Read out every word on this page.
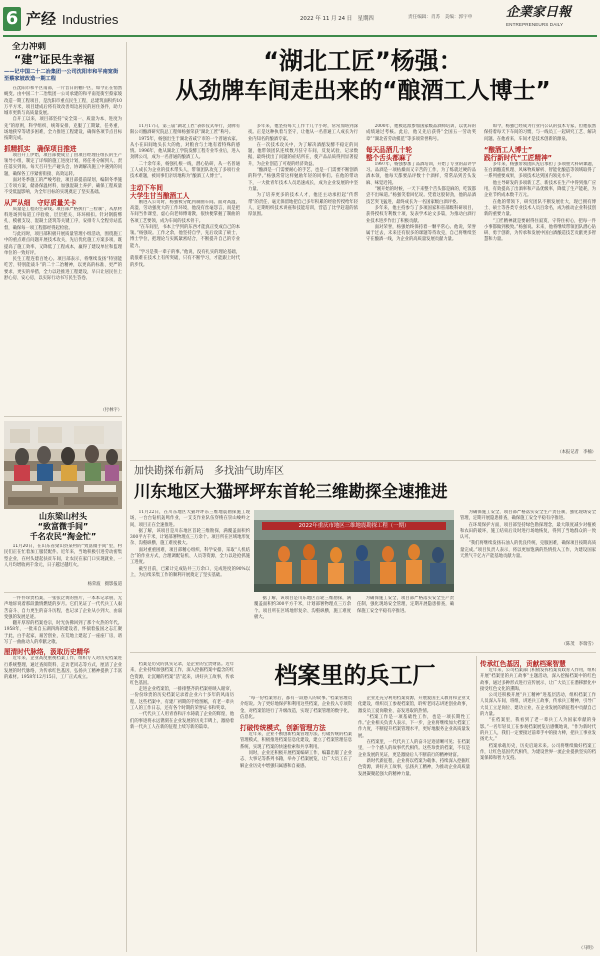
6 产经 Industries	2022 年 11 月 24 日　星期四	责任编辑：肖苏　美编：郭宇申	企業家日報
ENTREPRENEURS DAILY
全力冲刺
“建”证民生幸福
——记中国二十二冶集团一公司沈阳市和平南宽街至蔡家坡改造一期工程

在沈阳市和平区南部，一片昔日的棚户区，如今正在悄然蜕变。由中国二十二冶集团一公司承建的和平南宽街至蔡家坡改造一期工程项目，是沈阳市重点民生工程，总建筑面积约10万平方米，项目建成后将有效改善周边居民的居住条件，助力城市更新与高质量发展。

自开工以来，项目部坚持“安全第一、质量为本、进度为先”的原则，科学组织、统筹安排，克服了工期紧、任务重、场地狭窄等诸多困难，全力推进工程建设，确保各项节点目标按期完成。

抓精抓实　确保项目推进

项目开工伊始，项目部便成立了由项目经理任组长的生产领导小组，制定了详细的施工进度计划，将任务分解到人、责任落实到岗。每天召开生产碰头会，协调解决施工中遇到的问题，确保各工序紧密衔接、高效运转。

面对冬季施工的严峻考验，项目部提前谋划，编制冬季施工专项方案，储备保温材料，加强混凝土养护，确保工程质量不受低温影响，为全年目标的实现奠定了坚实基础。

从严从细　守好质量关卡

质量是工程的生命线。项目部严格执行“三检制”，从原材料进场到每道工序验收，层层把关、环环相扣。针对钢筋绑扎、模板支设、混凝土浇筑等关键工序，安排专人全程旁站监督，确保每一项工程都经得起检验。

与此同时，项目部积极开展质量管理小组活动，围绕施工中的重点难点问题开展技术攻关，先后优化施工方案多项，既提高了施工效率，又降低了工程成本，赢得了建设单位和监理单位的一致好评。

民生工程连着百姓心。项目部表示，将继续发扬“特别能吃苦、特别能战斗”的二十二冶精神，以更高的标准、更严的要求、更实的举措，全力以赴推进工程建设，早日让居民住上舒心房、安心房，以实际行动书写民生答卷。

（付林宇）
山东梁山村头
“致富微手间”
千名农民“淘金忙”

11月20日，在山东省梁山县某村的“致富微手间”里，村民们正在忙着加工服装配件。近年来，当地积极引进劳动密集型企业，在村头建起扶贫车间，让农民在家门口实现就业，一人月均增收两千余元，日子越过越红火。

杨荣波　摄影报道

一件件珍贵档案，一张张泛黄的照片，一本本记录册，无声地诉说着那段激情燃烧的岁月。它们见证了一代代兵工人艰苦奋斗、自力更生的奋斗历程，也记录了企业从小到大、由弱变强的发展足迹。

翻开厚厚的档案卷宗，时光仿佛回到了那个火热的年代。1958年，一批来自五湖四海的建设者，怀揣着报国之志汇聚于此，白手起家，艰苦创业，在荒地上建起了一座座厂房，谱写了一曲曲动人的奉献之歌。

厘清时代脉络，汲取历史精华

近年来，企业高度重视档案工作，组织专人对历史档案进行系统整理，通过查阅资料、走访老同志等方式，厘清了企业发展的时代脉络，为传承红色基因、弘扬兵工精神提供了丰富的素材。1958年12月15日，工厂正式成立。

“湖北工匠”杨强：
从劲牌车间走出来的“酿酒工人博士”

11月17日，第三届“湖北工匠”表彰仪式举行，劲牌有限公司酿酒研究院总工程师杨强荣获“湖北工匠”称号。

1975年，杨强出生于湖北省咸宁市的一个普通农家。从小在田间地头长大的他，对粮食与土地有着特殊的感情。1996年，他从湖北工学院发酵工程专业毕业后，进入劲牌公司，成为一名普通的酿酒工人。

二十余年来，杨强扎根一线，潜心钻研，从一名普通工人成长为企业的技术带头人，带领团队攻克了多项行业技术难题，被同事们亲切地称为“酿酒工人博士”。

主动下车间
大学生甘当酿酒工人

刚进入公司时，杨强被分配到制曲车间。面对高温、高湿、劳动强度大的工作环境，他没有丝毫怨言，而是把车间当作课堂，虚心向老师傅请教，很快便掌握了制曲的各项工艺要领，成为车间的技术骨干。

“在车间里，书本上学到的东西才能真正变成自己的本领。”杨强说。工作之余，他坚持自学，先后攻读了硕士、博士学位，把理论与实践紧密结合，不断提升自己的专业能力。

“学习是我一辈子的事。”他说，没有扎实的理论基础，就很难在技术上有所突破，只有不断学习，才能跟上时代的步伐。

多年来，他坚持每天工作十几个小时，常常加班到深夜。正是这种执着与坚守，让他从一名普通工人成长为行业内知名的酿酒专家。

在一次技术攻关中，为了解决酒醅发酵不稳定的问题，他带领团队连续数月驻守车间，反复试验、记录数据，最终找出了问题的症结所在，使产品品质得到显著提升，为企业创造了可观的经济效益。

“酿酒是一门需要耐心的手艺，也是一门需要不断创新的科学。”杨强常常这样勉励年轻的同事们。在他的带动下，一大批青年技术人员迅速成长，成为企业发展的中坚力量。

为了培养更多的技术人才，他还主动承担起“传帮带”的责任，毫无保留地把自己多年积累的经验传授给年轻人，定期组织技术讲座和技能培训，营造了比学赶超的浓厚氛围。

2000年，他被选派参加国家级品酒师培训，以优异的成绩通过考核。此后，他又先后获得“全国五一劳动奖章”“湖北省劳动模范”等多项荣誉称号。

每天品酒几十轮
整个舌头都麻了

1997年，杨强参加了品酒培训，开始了专业的品评学习。品酒是一项枯燥而又辛苦的工作，为了练就过硬的品酒本领，他每天都要品评数十个酒样，常常品到舌头发麻、味觉迟钝。

“刚开始的时候，一天下来整个舌头都是麻的，吃饭都尝不出味道。”杨强笑着回忆说。凭着这股韧劲，他的品酒技艺突飞猛进，最终成长为一名国家级白酒评委。

多年来，他主持参与了多项国家和省部级科研项目，获得授权专利数十项，发表学术论文多篇，为推动白酒行业技术进步作出了积极贡献。

面对荣誉，杨强始终保持着一颗平常心。他说，荣誉属于过去，未来还有很多的课题等待攻克，自己将继续坚守在酿酒一线，为企业的高质量发展贡献力量。

如今，杨强已经成为行业内公认的技术专家，但他依然保持着每天下车间的习惯，与一线员工一起研究工艺、解决问题。在他看来，车间才是技术创新的源泉。

“酿酒工人博士”
践行新时代“工匠精神”

多年来，杨强带领团队先后承担了多项重大科研课题，在白酒酿造机理、风味物质解析、智能化酿造等领域取得了一系列重要成果，多项技术达到国内领先水平。

他主导研发的多项新工艺、新技术在生产中得到推广应用，有效提高了出酒率和产品优级率，降低了生产能耗，为企业节约成本数千万元。

在他的带领下，研究团队不断发展壮大，现已拥有博士、硕士等各类专业技术人员百余名，成为推动企业科技创新的重要力量。

“工匠精神就是要耐得住寂寞、守得住初心，把每一件小事都做到极致。”杨强说。未来，他将继续带领团队潜心钻研、勇于创新，为传承和发展中国白酒酿造技艺贡献更多智慧和力量。

（本报记者　李楠）
加快勘探布新局　多找油气助库区
川东地区大猫坪坪东首轮三维勘探全速推进

11月22日，在川东地区大猫坪坪东三维地震勘探施工现场，一台台钻机轰鸣作业，一支支作业队伍穿梭在崇山峻岭之间，项目正在全速推进。

据了解，该项目是川东地区首轮三维勘探，满覆盖面积约300平方千米，计划部署物理点三万余个。项目所在区域地形复杂、沟壑纵横，施工难度极大。

面对重重困难，项目部精心组织、科学安排，采取“人机结合”的作业方式，合理调配钻机、人员等资源，全力以赴抢抓施工进度。

截至目前，已累计完成钻井三万余口，完成进度的90%以上，为后续采集工作的顺利开展奠定了坚实基础。

2022年重庆市地区三维地震勘探工程（一期）

为确保施工安全，项目部严格落实安全生产责任制，强化现场安全管理，定期开展隐患排查，确保施工安全平稳有序推进。

在环境保护方面，项目部坚持绿色勘探理念，最大限度减少对植被和农田的破坏，施工结束后及时进行场地恢复，得到了当地群众的一致认可。

“我们将继续发扬石油人的优良传统，克服困难，确保项目按期高质量完成。”项目负责人表示，将以更加饱满的热情投入工作，为建设国家天然气千亿方产能基地贡献力量。

（陈茂　李瑞雪）

据了解，该项目是川东地区首轮三维勘探，满覆盖面积约300平方千米，计划部署物理点三万余个。项目所在区域地形复杂、沟壑纵横，施工难度极大。

为确保施工安全，项目部严格落实安全生产责任制，强化现场安全管理，定期开展隐患排查，确保施工安全平稳有序推进。

档案里的兵工厂

档案是历史的真实记录，是企业的宝贵财富。近年来，企业持续加强档案工作，深入挖掘档案中蕴含的红色资源，让沉睡的档案“活”起来，讲好兵工故事，传承红色基因。

走进企业档案馆，一排排整齐的档案柜映入眼帘，一份份珍贵的历史档案记录着企业六十多年的风雨历程。这些档案中，有建厂初期的手绘图纸，有老一辈兵工人的工作日志，还有各个时期的荣誉证书和奖章。

一代代兵工人用青春和汗水铸就了企业的辉煌，他们的事迹将永远镌刻在企业发展的历史丰碑上，激励着新一代兵工人在新的征程上续写新的篇章。

“每一份档案背后，都有一段感人的故事。”档案管理员介绍说。为了更好地保护和利用这些档案，企业投入专项资金，对档案馆进行了升级改造，实现了档案管理的数字化、信息化。

打破传统模式，创新管理方法

近年来，企业不断创新档案管理方法，打破传统的档案管理模式，积极推进档案信息化建设，建立了档案管理信息系统，实现了档案的快速检索和共享利用。

同时，企业还积极开展档案编研工作，编纂出版了企业志、大事记等系列书籍，举办了档案展览，让广大员工在了解企业历史中增强归属感和自豪感。

企业还充分利用档案资源，开展爱国主义教育和企业文化建设，组织员工参观档案馆，聆听老同志讲述创业故事，激发员工爱岗敬业、奋发进取的热情。

“档案工作是一项基础性工作，也是一项长期性工作。”企业相关负责人表示，下一步，企业将继续加大档案工作力度，不断提升档案管理水平，更好地服务企业高质量发展。

在档案里，一代代兵工人的奋斗足迹清晰可见；在档案里，一个个感人的故事代代相传。这些珍贵的档案，不仅是企业发展的见证，更是激励后人不断前行的精神财富。

新时代新征程，企业将以档案为载体，持续深入挖掘红色资源，讲好兵工故事，弘扬兵工精神，为推动企业高质量发展凝聚起强大的精神力量。

传承红色基因，贡献档案智慧

近年来，公司档案部门积极发挥档案资政育人作用，组织开展“档案里的兵工故事”主题活动，深入挖掘档案中的红色故事，通过多种形式进行宣传展示，让广大员工在潜移默化中接受红色文化的熏陶。

公司还积极开展“兵工精神”进基层活动，组织档案工作人员深入车间、班组，讲述兵工故事，传承兵工精神，引导广大员工立足岗位、建功立业，在企业发展的新征程中贡献自己的力量。

“在档案里，我看到了老一辈兵工人为国家奉献的身影。”一名年轻员工在参观档案展览后感慨地说，“作为新时代的兵工人，我们一定要接过前辈手中的接力棒，把兵工事业发扬光大。”

档案承载历史，历史启迪未来。公司将继续做好档案工作，让红色基因代代相传，为建设世界一流企业提供坚实的档案保障和智力支持。

（马明）
